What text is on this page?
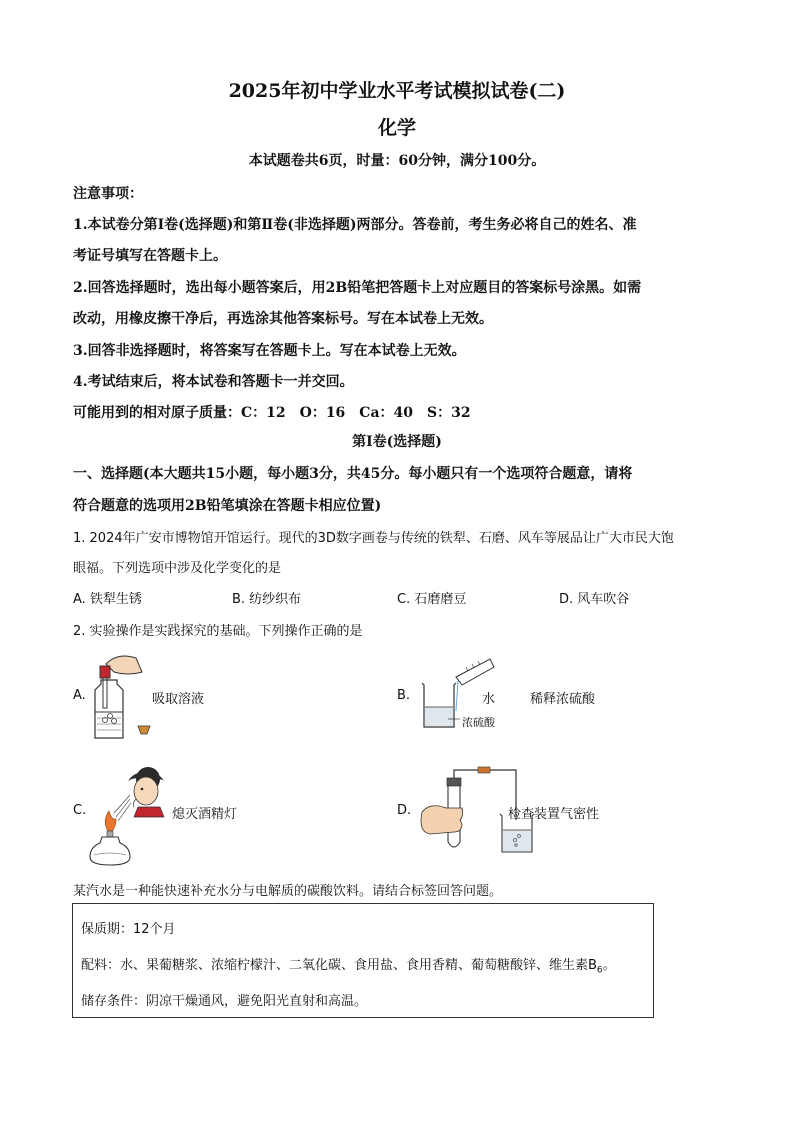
2025年初中学业水平考试模拟试卷(二)
化学
本试题卷共6页，时量：60分钟，满分100分。
注意事项：
1.本试卷分第Ⅰ卷(选择题)和第Ⅱ卷(非选择题)两部分。答卷前，考生务必将自己的姓名、准
考证号填写在答题卡上。
2.回答选择题时，选出每小题答案后，用2B铅笔把答题卡上对应题目的答案标号涂黑。如需
改动，用橡皮擦干净后，再选涂其他答案标号。写在本试卷上无效。
3.回答非选择题时，将答案写在答题卡上。写在本试卷上无效。
4.考试结束后，将本试卷和答题卡一并交回。
可能用到的相对原子质量：C：12　O：16　Ca：40　S：32
第Ⅰ卷(选择题)
一、选择题(本大题共15小题，每小题3分，共45分。每小题只有一个选项符合题意，请将
符合题意的选项用2B铅笔填涂在答题卡相应位置)
1. 2024年广安市博物馆开馆运行。现代的3D数字画卷与传统的铁犁、石磨、风车等展品让广大市民大饱
眼福。下列选项中涉及化学变化的是
A. 铁犁生锈	B. 纺纱织布	C. 石磨磨豆	D. 风车吹谷
2. 实验操作是实践探究的基础。下列操作正确的是
A.	吸取溶液	B.	水	稀释浓硫酸
浓硫酸
C.	熄灭酒精灯	D.	检查装置气密性
某汽水是一种能快速补充水分与电解质的碳酸饮料。请结合标签回答问题。
保质期：12个月
配料：水、果葡糖浆、浓缩柠檬汁、二氧化碳、食用盐、食用香精、葡萄糖酸锌、维生素$B_6$。
储存条件：阴凉干燥通风，避免阳光直射和高温。
